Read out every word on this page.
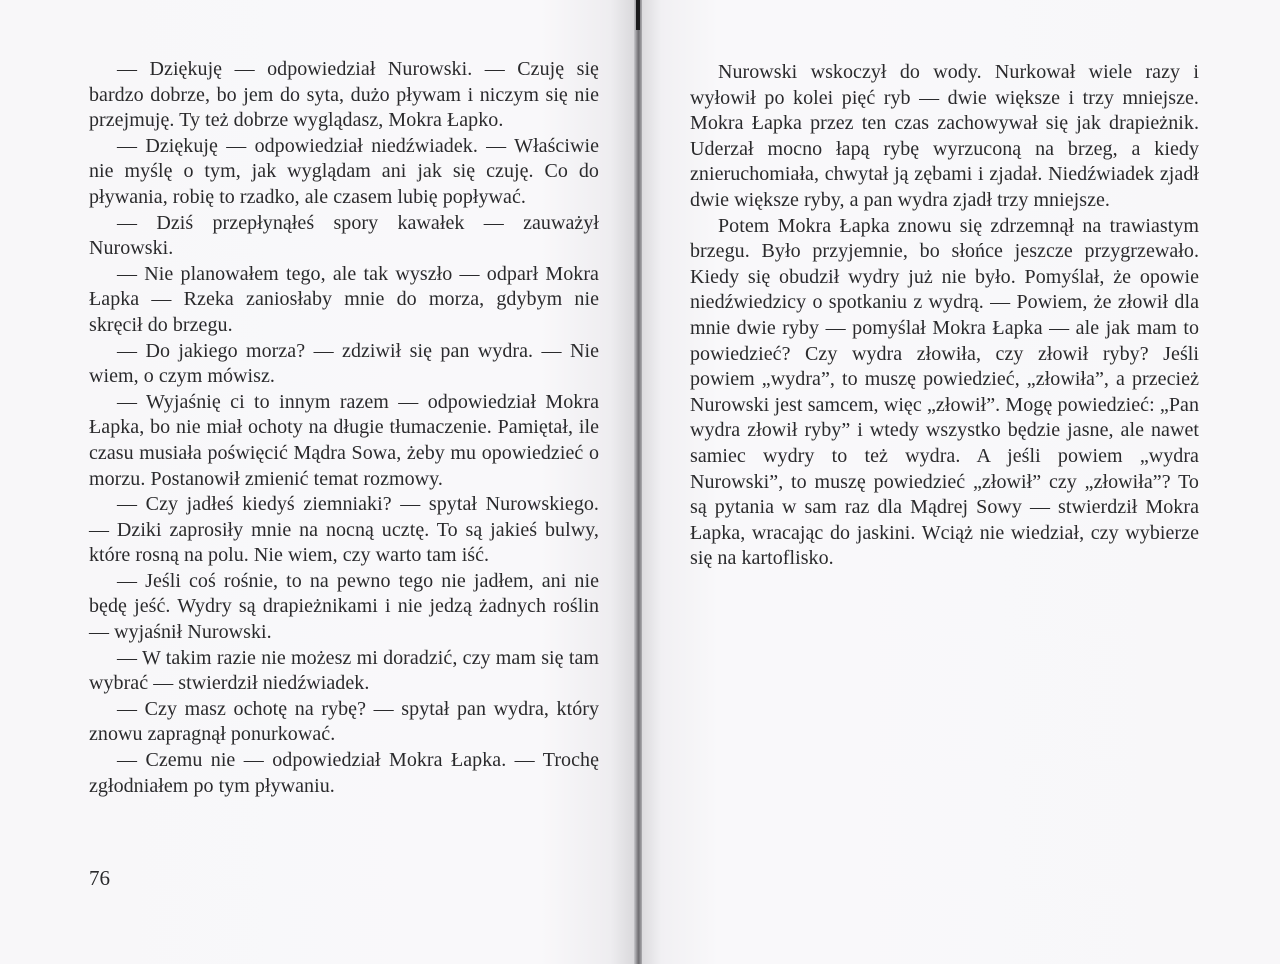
— Dziękuję — odpowiedział Nurowski. — Czuję się bardzo dobrze, bo jem do syta, dużo pływam i niczym się nie przejmuję. Ty też dobrze wyglądasz, Mokra Łapko.

— Dziękuję — odpowiedział niedźwiadek. — Właściwie nie myślę o tym, jak wyglądam ani jak się czuję. Co do pływania, robię to rzadko, ale czasem lubię popływać.

— Dziś przepłynąłeś spory kawałek — zauważył Nurowski.

— Nie planowałem tego, ale tak wyszło — odparł Mokra Łapka — Rzeka zaniosłaby mnie do morza, gdybym nie skręcił do brzegu.

— Do jakiego morza? — zdziwił się pan wydra. — Nie wiem, o czym mówisz.

— Wyjaśnię ci to innym razem — odpowiedział Mokra Łapka, bo nie miał ochoty na długie tłumaczenie. Pamiętał, ile czasu musiała poświęcić Mądra Sowa, żeby mu opowiedzieć o morzu. Postanowił zmienić temat rozmowy.

— Czy jadłeś kiedyś ziemniaki? — spytał Nurowskiego. — Dziki zaprosiły mnie na nocną ucztę. To są jakieś bulwy, które rosną na polu. Nie wiem, czy warto tam iść.

— Jeśli coś rośnie, to na pewno tego nie jadłem, ani nie będę jeść. Wydry są drapieżnikami i nie jedzą żadnych roślin — wyjaśnił Nurowski.

— W takim razie nie możesz mi doradzić, czy mam się tam wybrać — stwierdził niedźwiadek.

— Czy masz ochotę na rybę? — spytał pan wydra, który znowu zapragnął ponurkować.

— Czemu nie — odpowiedział Mokra Łapka. — Trochę zgłodniałem po tym pływaniu.

76

Nurowski wskoczył do wody. Nurkował wiele razy i wyłowił po kolei pięć ryb — dwie większe i trzy mniejsze. Mokra Łapka przez ten czas zachowywał się jak drapieżnik. Uderzał mocno łapą rybę wyrzuconą na brzeg, a kiedy znieruchomiała, chwytał ją zębami i zjadał. Niedźwiadek zjadł dwie większe ryby, a pan wydra zjadł trzy mniejsze.

Potem Mokra Łapka znowu się zdrzemnął na trawiastym brzegu. Było przyjemnie, bo słońce jeszcze przygrzewało. Kiedy się obudził wydry już nie było. Pomyślał, że opowie niedźwiedzicy o spotkaniu z wydrą. — Powiem, że złowił dla mnie dwie ryby — pomyślał Mokra Łapka — ale jak mam to powiedzieć? Czy wydra złowiła, czy złowił ryby? Jeśli powiem „wydra”, to muszę powiedzieć, „złowiła”, a przecież Nurowski jest samcem, więc „złowił”. Mogę powiedzieć: „Pan wydra złowił ryby” i wtedy wszystko będzie jasne, ale nawet samiec wydry to też wydra. A jeśli powiem „wydra Nurowski”, to muszę powiedzieć „złowił” czy „złowiła”? To są pytania w sam raz dla Mądrej Sowy — stwierdził Mokra Łapka, wracając do jaskini. Wciąż nie wiedział, czy wybierze się na kartoflisko.
